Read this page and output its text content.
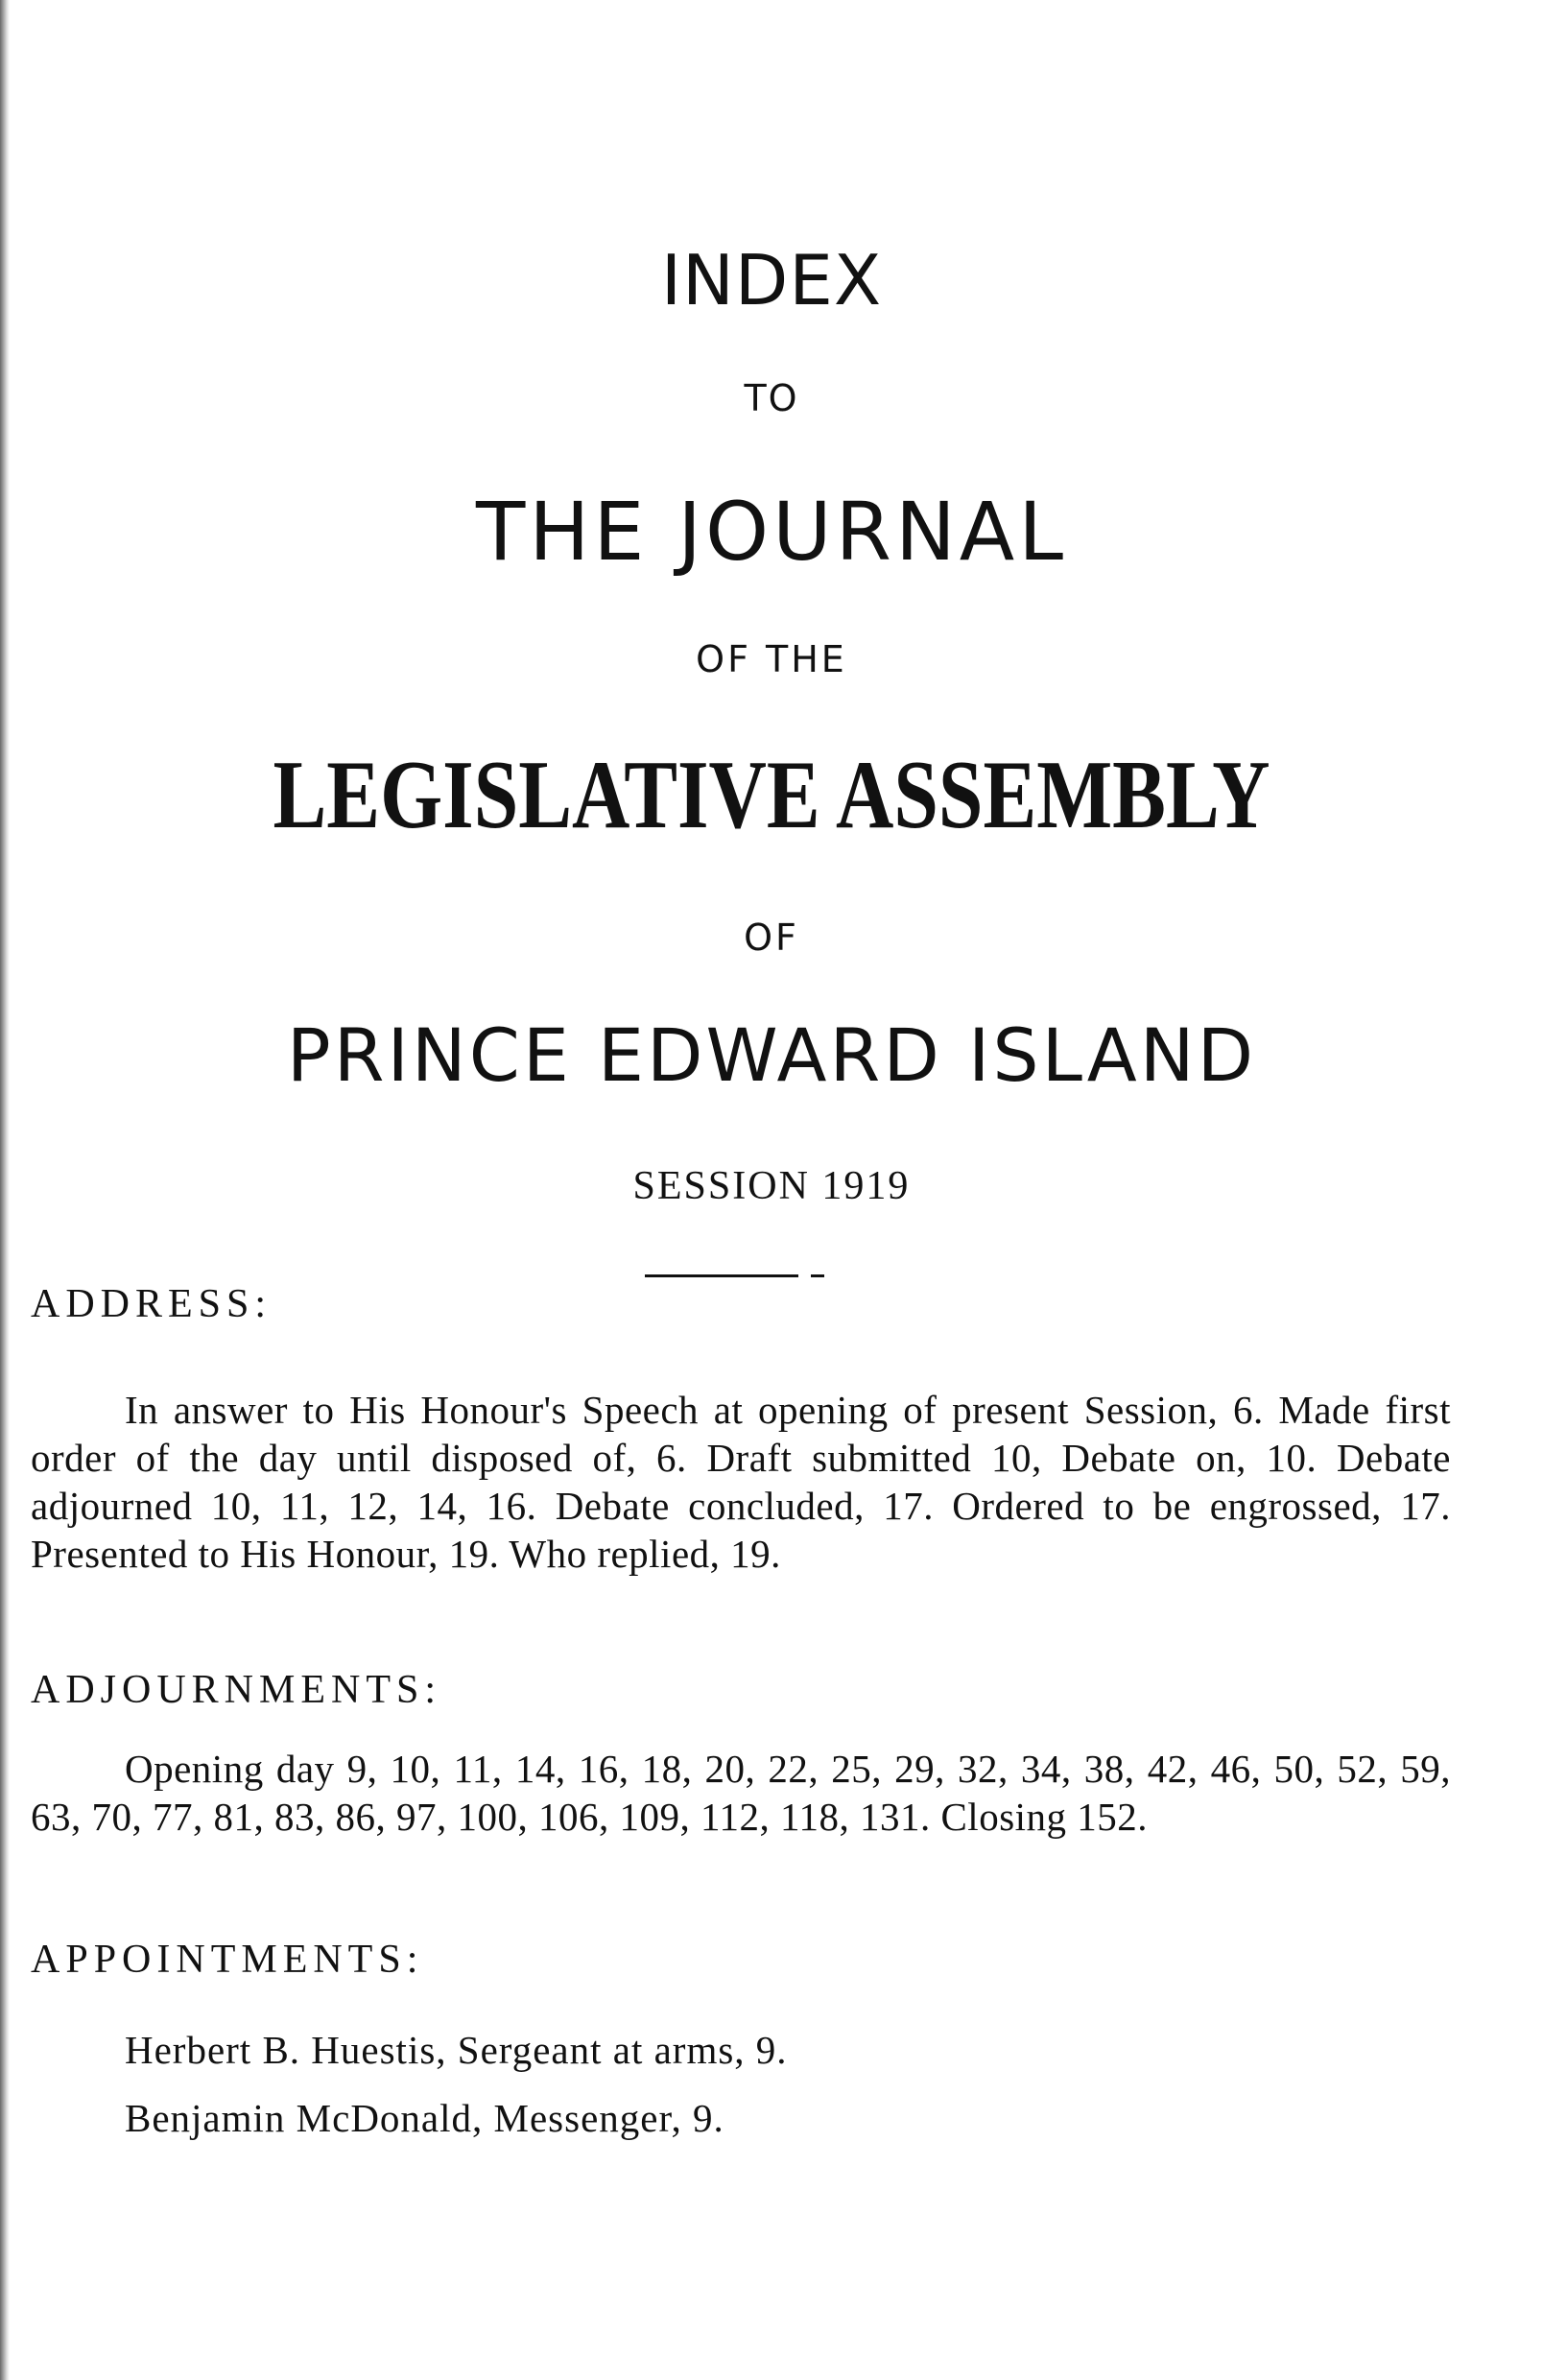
INDEX
TO
THE JOURNAL
OF THE
LEGISLATIVE ASSEMBLY
OF
PRINCE EDWARD ISLAND
SESSION 1919
ADDRESS:
In answer to His Honour's Speech at opening of present Session, 6. Made first order of the day until disposed of, 6. Draft submitted 10, Debate on, 10. Debate adjourned 10, 11, 12, 14, 16. Debate concluded, 17. Ordered to be engrossed, 17. Presented to His Honour, 19. Who replied, 19.
ADJOURNMENTS:
Opening day 9, 10, 11, 14, 16, 18, 20, 22, 25, 29, 32, 34, 38, 42, 46, 50, 52, 59, 63, 70, 77, 81, 83, 86, 97, 100, 106, 109, 112, 118, 131. Closing 152.
APPOINTMENTS:
Herbert B. Huestis, Sergeant at arms, 9.
Benjamin McDonald, Messenger, 9.
